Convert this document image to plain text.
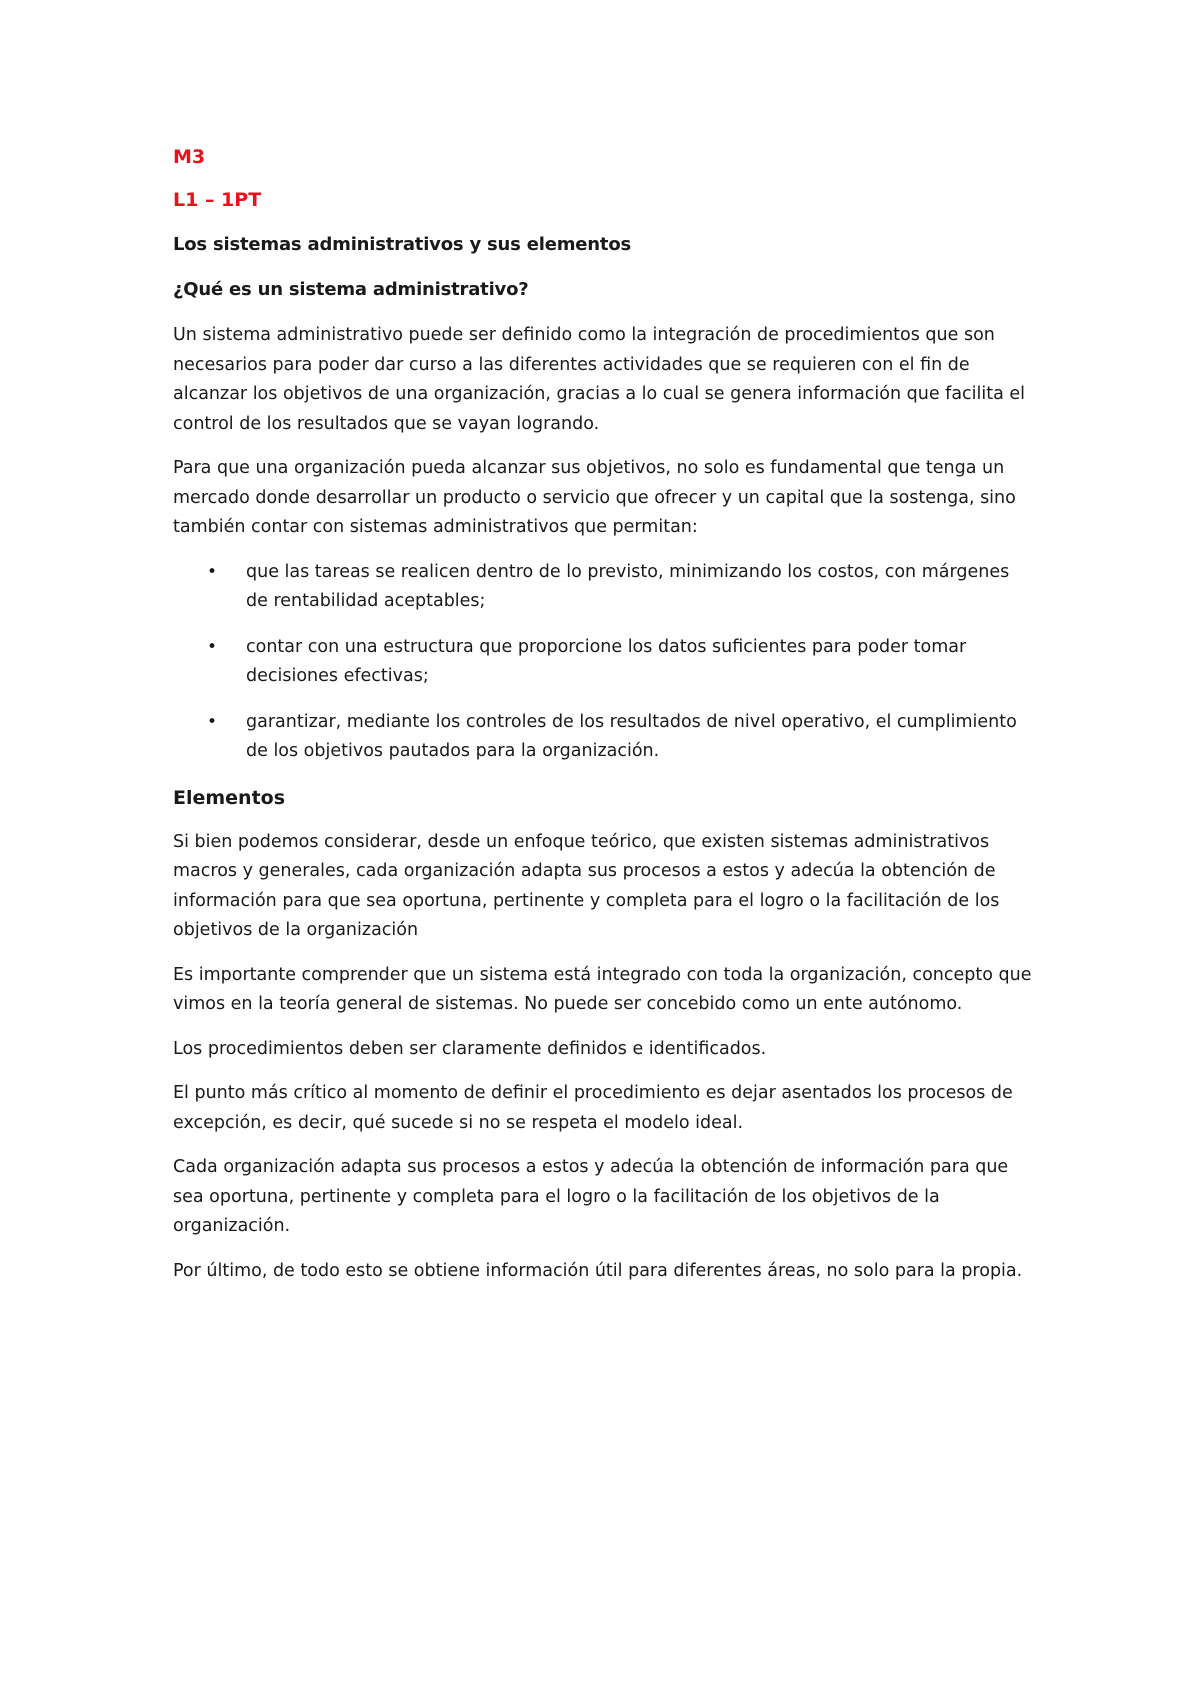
M3
L1 – 1PT
Los sistemas administrativos y sus elementos
¿Qué es un sistema administrativo?

Un sistema administrativo puede ser definido como la integración de procedimientos que son necesarios para poder dar curso a las diferentes actividades que se requieren con el fin de alcanzar los objetivos de una organización, gracias a lo cual se genera información que facilita el control de los resultados que se vayan logrando.

Para que una organización pueda alcanzar sus objetivos, no solo es fundamental que tenga un mercado donde desarrollar un producto o servicio que ofrecer y un capital que la sostenga, sino también contar con sistemas administrativos que permitan:

• que las tareas se realicen dentro de lo previsto, minimizando los costos, con márgenes de rentabilidad aceptables;
• contar con una estructura que proporcione los datos suficientes para poder tomar decisiones efectivas;
• garantizar, mediante los controles de los resultados de nivel operativo, el cumplimiento de los objetivos pautados para la organización.
Elementos

Si bien podemos considerar, desde un enfoque teórico, que existen sistemas administrativos macros y generales, cada organización adapta sus procesos a estos y adecúa la obtención de información para que sea oportuna, pertinente y completa para el logro o la facilitación de los objetivos de la organización

Es importante comprender que un sistema está integrado con toda la organización, concepto que vimos en la teoría general de sistemas. No puede ser concebido como un ente autónomo.

Los procedimientos deben ser claramente definidos e identificados.

El punto más crítico al momento de definir el procedimiento es dejar asentados los procesos de excepción, es decir, qué sucede si no se respeta el modelo ideal.

Cada organización adapta sus procesos a estos y adecúa la obtención de información para que sea oportuna, pertinente y completa para el logro o la facilitación de los objetivos de la organización.

Por último, de todo esto se obtiene información útil para diferentes áreas, no solo para la propia.
